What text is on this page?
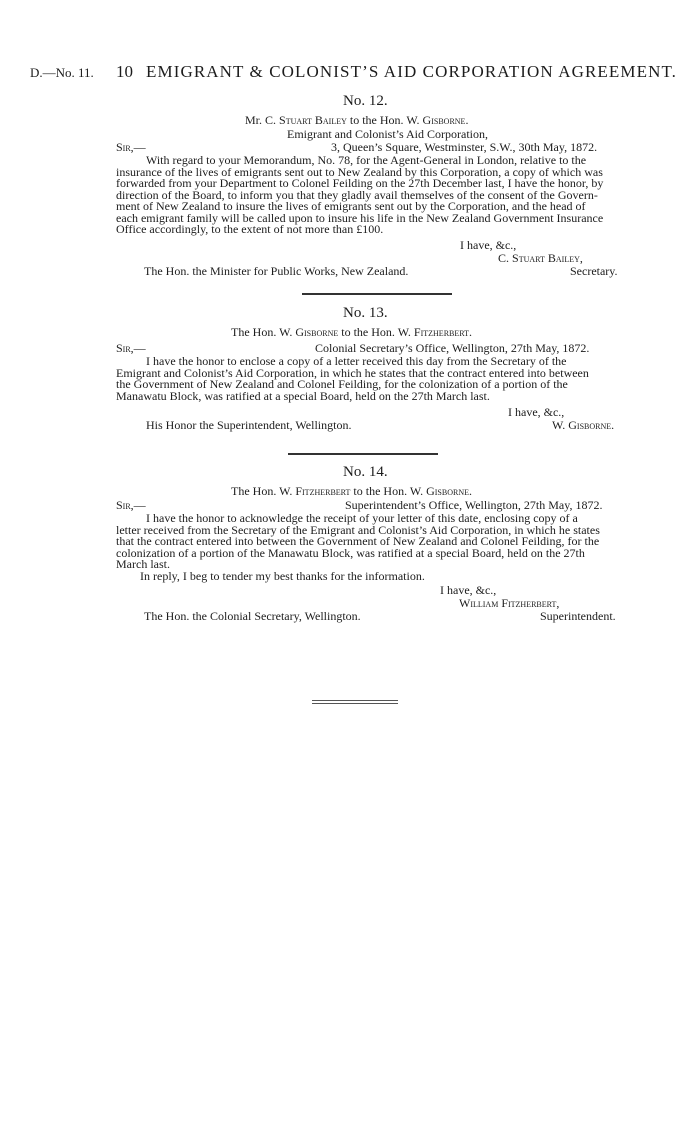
D.—No. 11. 10 EMIGRANT & COLONIST’S AID CORPORATION AGREEMENT.
No. 12.
Mr. C. Stuart Bailey to the Hon. W. Gisborne.
Emigrant and Colonist’s Aid Corporation,
Sir,—	3, Queen’s Square, Westminster, S.W., 30th May, 1872.
With regard to your Memorandum, No. 78, for the Agent-General in London, relative to the
insurance of the lives of emigrants sent out to New Zealand by this Corporation, a copy of which was
forwarded from your Department to Colonel Feilding on the 27th December last, I have the honor, by
direction of the Board, to inform you that they gladly avail themselves of the consent of the Govern-
ment of New Zealand to insure the lives of emigrants sent out by the Corporation, and the head of
each emigrant family will be called upon to insure his life in the New Zealand Government Insurance
Office accordingly, to the extent of not more than £100.
I have, &c.,
C. Stuart Bailey,
The Hon. the Minister for Public Works, New Zealand.	Secretary.
No. 13.
The Hon. W. Gisborne to the Hon. W. Fitzherbert.
Sir,—	Colonial Secretary’s Office, Wellington, 27th May, 1872.
I have the honor to enclose a copy of a letter received this day from the Secretary of the
Emigrant and Colonist’s Aid Corporation, in which he states that the contract entered into between
the Government of New Zealand and Colonel Feilding, for the colonization of a portion of the
Manawatu Block, was ratified at a special Board, held on the 27th March last.
I have, &c.,
His Honor the Superintendent, Wellington.	W. Gisborne.
No. 14.
The Hon. W. Fitzherbert to the Hon. W. Gisborne.
Sir,—	Superintendent’s Office, Wellington, 27th May, 1872.
I have the honor to acknowledge the receipt of your letter of this date, enclosing copy of a
letter received from the Secretary of the Emigrant and Colonist’s Aid Corporation, in which he states
that the contract entered into between the Government of New Zealand and Colonel Feilding, for the
colonization of a portion of the Manawatu Block, was ratified at a special Board, held on the 27th
March last.
In reply, I beg to tender my best thanks for the information.
I have, &c.,
William Fitzherbert,
The Hon. the Colonial Secretary, Wellington.	Superintendent.
